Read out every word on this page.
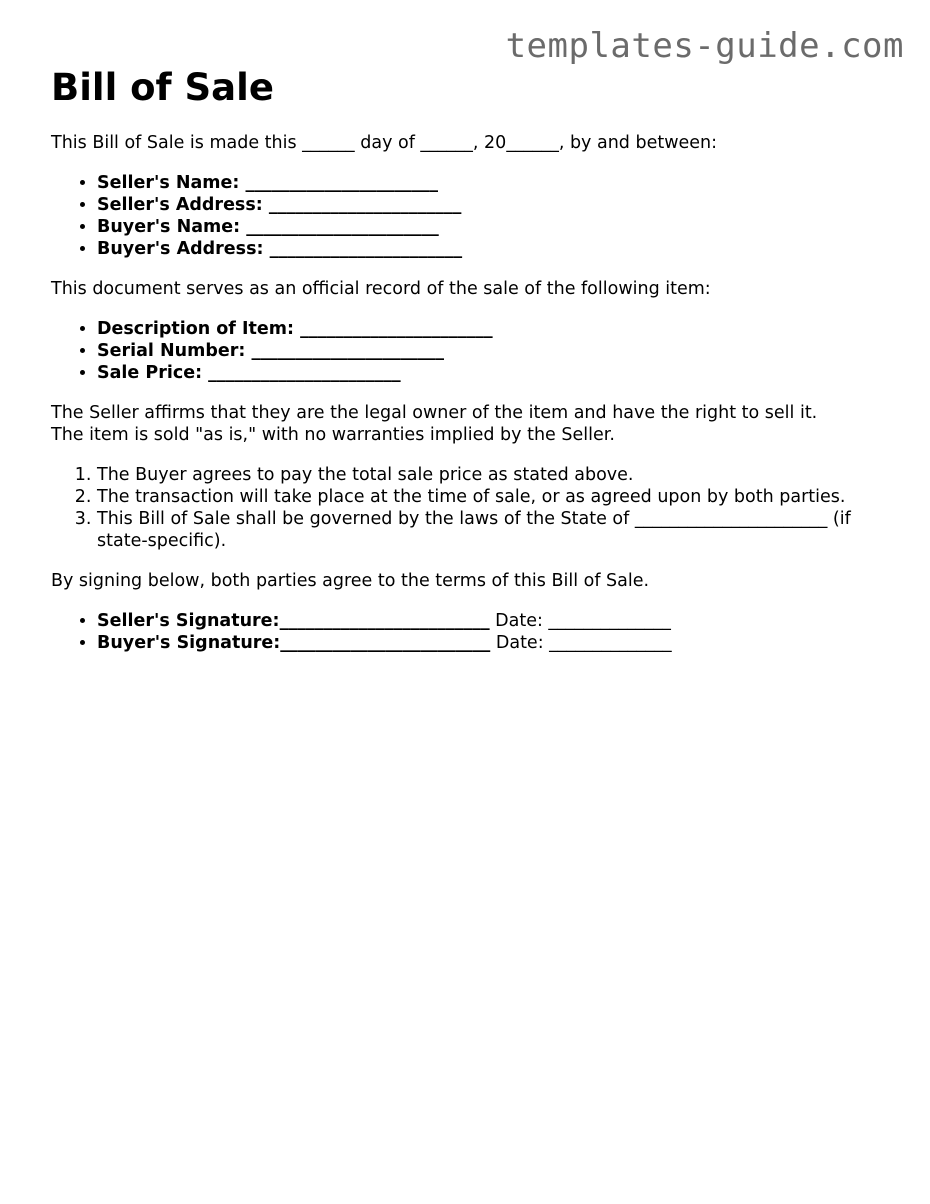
templates-guide.com
Bill of Sale

This Bill of Sale is made this ______ day of ______, 20______, by and between:

• Seller's Name: ______________________
• Seller's Address: ______________________
• Buyer's Name: ______________________
• Buyer's Address: ______________________

This document serves as an official record of the sale of the following item:

• Description of Item: ______________________
• Serial Number: ______________________
• Sale Price: ______________________

The Seller affirms that they are the legal owner of the item and have the right to sell it.
The item is sold "as is," with no warranties implied by the Seller.

1. The Buyer agrees to pay the total sale price as stated above.
2. The transaction will take place at the time of sale, or as agreed upon by both parties.
3. This Bill of Sale shall be governed by the laws of the State of ______________________ (if state-specific).

By signing below, both parties agree to the terms of this Bill of Sale.

• Seller's Signature:________________________ Date: ______________
• Buyer's Signature:________________________ Date: ______________
